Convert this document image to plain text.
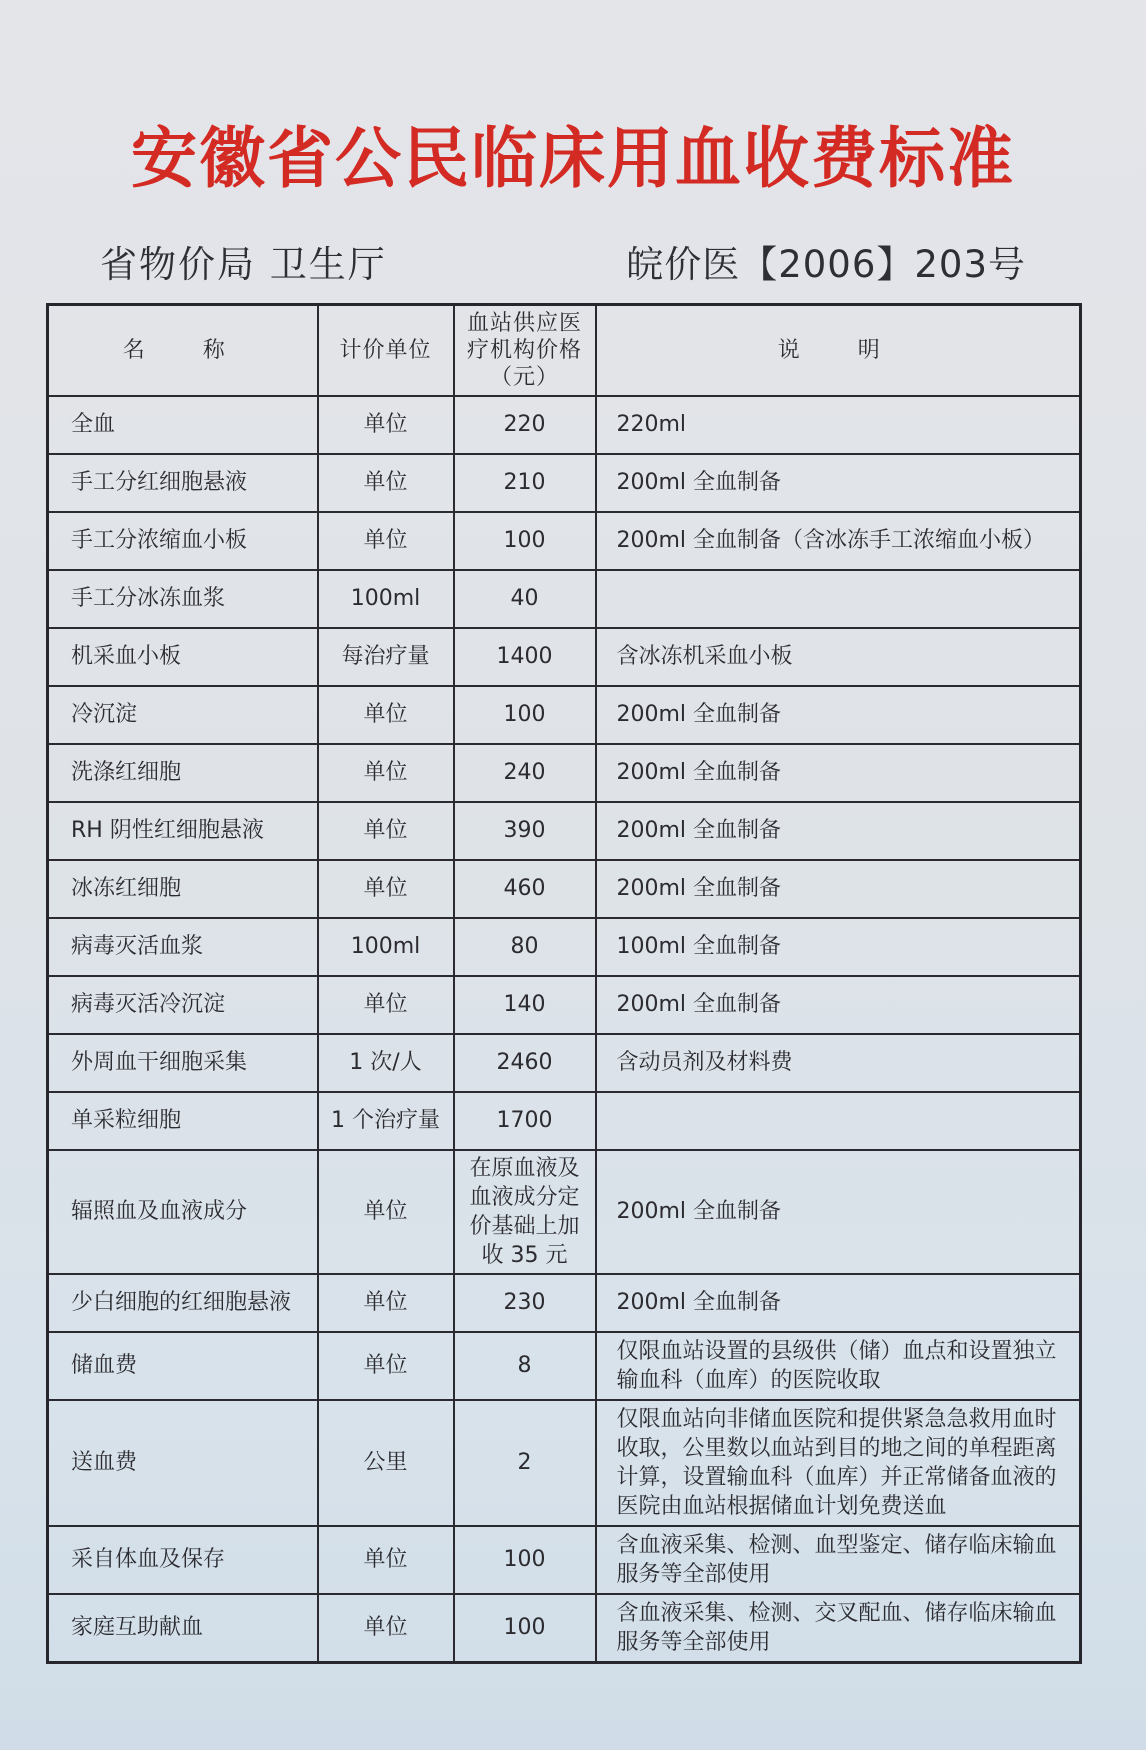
安徽省公民临床用血收费标准
省物价局 卫生厅	皖价医【2006】203号
名　称	计价单位	血站供应医疗机构价格（元）	说　明
全血	单位	220	220ml
手工分红细胞悬液	单位	210	200ml 全血制备
手工分浓缩血小板	单位	100	200ml 全血制备（含冰冻手工浓缩血小板）
手工分冰冻血浆	100ml	40	
机采血小板	每治疗量	1400	含冰冻机采血小板
冷沉淀	单位	100	200ml 全血制备
洗涤红细胞	单位	240	200ml 全血制备
RH 阴性红细胞悬液	单位	390	200ml 全血制备
冰冻红细胞	单位	460	200ml 全血制备
病毒灭活血浆	100ml	80	100ml 全血制备
病毒灭活冷沉淀	单位	140	200ml 全血制备
外周血干细胞采集	1 次/人	2460	含动员剂及材料费
单采粒细胞	1 个治疗量	1700	
辐照血及血液成分	单位	在原血液及血液成分定价基础上加收 35 元	200ml 全血制备
少白细胞的红细胞悬液	单位	230	200ml 全血制备
储血费	单位	8	仅限血站设置的县级供（储）血点和设置独立输血科（血库）的医院收取
送血费	公里	2	仅限血站向非储血医院和提供紧急急救用血时收取，公里数以血站到目的地之间的单程距离计算，设置输血科（血库）并正常储备血液的医院由血站根据储血计划免费送血
采自体血及保存	单位	100	含血液采集、检测、血型鉴定、储存临床输血服务等全部使用
家庭互助献血	单位	100	含血液采集、检测、交叉配血、储存临床输血服务等全部使用
